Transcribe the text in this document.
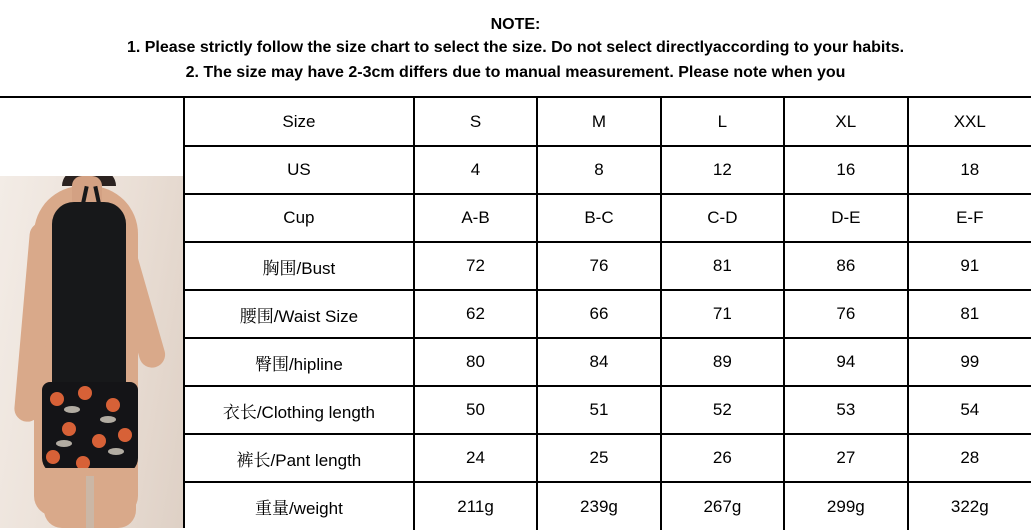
NOTE:
1. Please strictly follow the size chart to select the size. Do not select directlyaccording to your habits.
2. The size may have 2-3cm differs due to manual measurement. Please note when you
Size	S	M	L	XL	XXL
US	4	8	12	16	18
Cup	A-B	B-C	C-D	D-E	E-F
胸围/Bust	72	76	81	86	91
腰围/Waist Size	62	66	71	76	81
臀围/hipline	80	84	89	94	99
衣长/Clothing length	50	51	52	53	54
裤长/Pant length	24	25	26	27	28
重量/weight	211g	239g	267g	299g	322g
